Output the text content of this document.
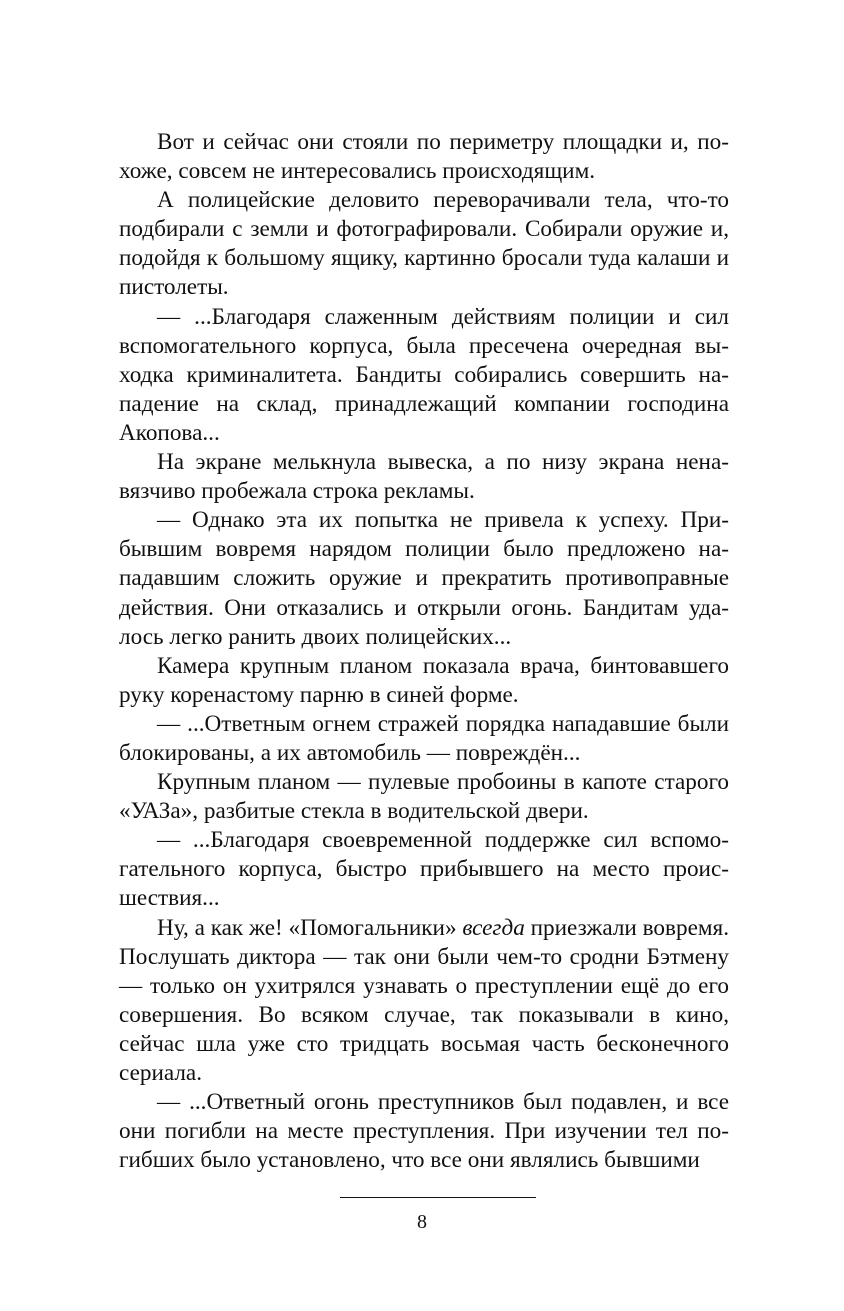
Вот и сейчас они стояли по периметру площадки и, похоже, совсем не интересовались происходящим.

А полицейские деловито переворачивали тела, что-то подбирали с земли и фотографировали. Собирали оружие и, подойдя к большому ящику, картинно бросали туда калаши и пистолеты.

— ...Благодаря слаженным действиям полиции и сил вспомогательного корпуса, была пресечена очередная выходка криминалитета. Бандиты собирались совершить нападение на склад, принадлежащий компании господина Акопова...

На экране мелькнула вывеска, а по низу экрана ненавязчиво пробежала строка рекламы.

— Однако эта их попытка не привела к успеху. Прибывшим вовремя нарядом полиции было предложено нападавшим сложить оружие и прекратить противоправные действия. Они отказались и открыли огонь. Бандитам удалось легко ранить двоих полицейских...

Камера крупным планом показала врача, бинтовавшего руку коренастому парню в синей форме.

— ...Ответным огнем стражей порядка нападавшие были блокированы, а их автомобиль — повреждён...

Крупным планом — пулевые пробоины в капоте старого «УАЗа», разбитые стекла в водительской двери.

— ...Благодаря своевременной поддержке сил вспомогательного корпуса, быстро прибывшего на место происшествия...

Ну, а как же! «Помогальники» всегда приезжали вовремя. Послушать диктора — так они были чем-то сродни Бэтмену — только он ухитрялся узнавать о преступлении ещё до его совершения. Во всяком случае, так показывали в кино, сейчас шла уже сто тридцать восьмая часть бесконечного сериала.

— ...Ответный огонь преступников был подавлен, и все они погибли на месте преступления. При изучении тел погибших было установлено, что все они являлись бывшими

8
